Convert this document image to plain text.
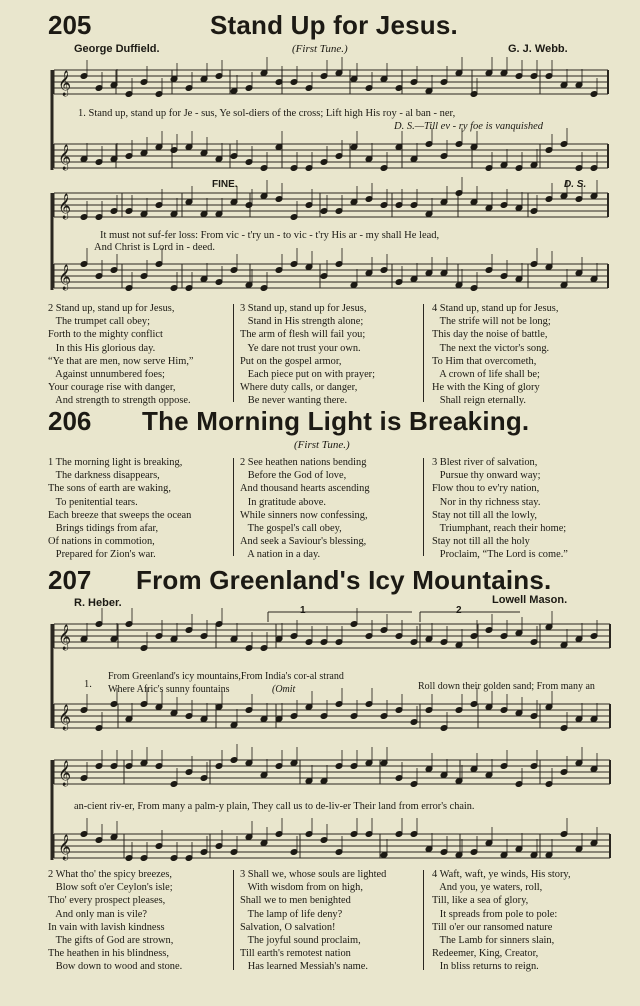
205	Stand Up for Jesus.
George Duffield.	(First Tune.)	G. J. Webb.
𝄞
𝄞
𝄞
𝄞
𝄞
𝄞
𝄞
𝄞
1. Stand up, stand up for Je - sus, Ye sol-diers of the cross; Lift high His roy - al ban - ner,
D. S.—Till ev - ry foe is vanquished
FINE.	D. S.
It must not suf-fer loss: From vic - t'ry un - to vic - t'ry His ar - my shall He lead,
And Christ is Lord in - deed.
2 Stand up, stand up for Jesus,
The trumpet call obey;
Forth to the mighty conflict
In this His glorious day.
“Ye that are men, now serve Him,”
Against unnumbered foes;
Your courage rise with danger,
And strength to strength oppose.
3 Stand up, stand up for Jesus,
Stand in His strength alone;
The arm of flesh will fail you;
Ye dare not trust your own.
Put on the gospel armor,
Each piece put on with prayer;
Where duty calls, or danger,
Be never wanting there.
4 Stand up, stand up for Jesus,
The strife will not be long;
This day the noise of battle,
The next the victor's song.
To Him that overcometh,
A crown of life shall be;
He with the King of glory
Shall reign eternally.
206 The Morning Light is Breaking.
(First Tune.)
1 The morning light is breaking,
The darkness disappears,
The sons of earth are waking,
To penitential tears.
Each breeze that sweeps the ocean
Brings tidings from afar,
Of nations in commotion,
Prepared for Zion's war.
2 See heathen nations bending
Before the God of love,
And thousand hearts ascending
In gratitude above.
While sinners now confessing,
The gospel's call obey,
And seek a Saviour's blessing,
A nation in a day.
3 Blest river of salvation,
Pursue thy onward way;
Flow thou to ev'ry nation,
Nor in thy richness stay.
Stay not till all the lowly,
Triumphant, reach their home;
Stay not till all the holy
Proclaim, “The Lord is come.”
207 From Greenland's Icy Mountains.
R. Heber.	Lowell Mason.
1	2
1.
From Greenland's icy mountains,From India's cor-al strand
Where Afric's sunny fountains	(Omit	Roll down their golden sand; From many an
an-cient riv-er, From many a palm-y plain, They call us to de-liv-er Their land from error's chain.
2 What tho' the spicy breezes,
Blow soft o'er Ceylon's isle;
Tho' every prospect pleases,
And only man is vile?
In vain with lavish kindness
The gifts of God are strown,
The heathen in his blindness,
Bow down to wood and stone.
3 Shall we, whose souls are lighted
With wisdom from on high,
Shall we to men benighted
The lamp of life deny?
Salvation, O salvation!
The joyful sound proclaim,
Till earth's remotest nation
Has learned Messiah's name.
4 Waft, waft, ye winds, His story,
And you, ye waters, roll,
Till, like a sea of glory,
It spreads from pole to pole:
Till o'er our ransomed nature
The Lamb for sinners slain,
Redeemer, King, Creator,
In bliss returns to reign.
